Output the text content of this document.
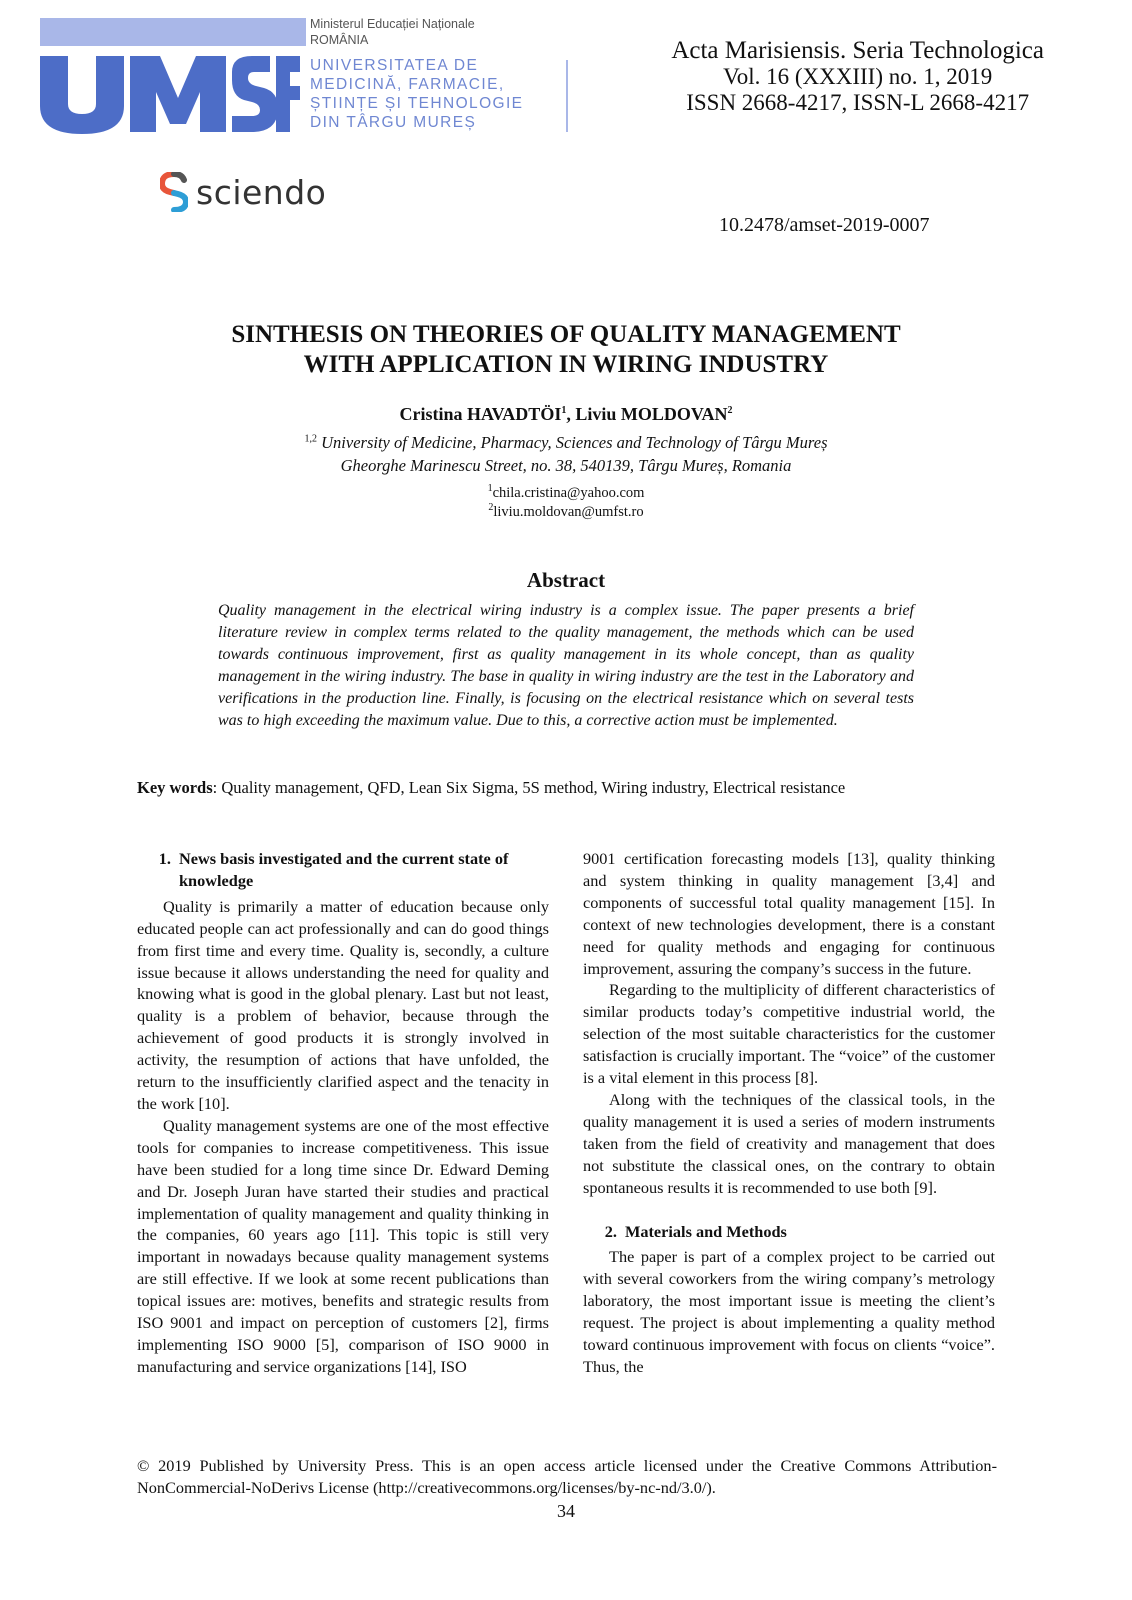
Ministerul Educației Naționale
ROMÂNIA
UNIVERSITATEA DE
MEDICINĂ, FARMACIE,
ȘTIINȚE ȘI TEHNOLOGIE
DIN TÂRGU MUREȘ
sciendo
Acta Marisiensis. Seria Technologica
Vol. 16 (XXXIII) no. 1, 2019
ISSN 2668-4217, ISSN-L 2668-4217
10.2478/amset-2019-0007
SINTHESIS ON THEORIES OF QUALITY MANAGEMENT
WITH APPLICATION IN WIRING INDUSTRY
Cristina HAVADTÖI$^1$, Liviu MOLDOVAN$^2$
$^{1,2}$ University of Medicine, Pharmacy, Sciences and Technology of Târgu Mureș
Gheorghe Marinescu Street, no. 38, 540139, Târgu Mureș, Romania
$^1$chila.cristina@yahoo.com
$^2$liviu.moldovan@umfst.ro
Abstract
Quality management in the electrical wiring industry is a complex issue. The paper presents a brief literature review in complex terms related to the quality management, the methods which can be used towards continuous improvement, first as quality management in its whole concept, than as quality management in the wiring industry. The base in quality in wiring industry are the test in the Laboratory and verifications in the production line. Finally, is focusing on the electrical resistance which on several tests was to high exceeding the maximum value. Due to this, a corrective action must be implemented.
Key words: Quality management, QFD, Lean Six Sigma, 5S method, Wiring industry, Electrical resistance
1. News basis investigated and the current state of knowledge

Quality is primarily a matter of education because only educated people can act professionally and can do good things from first time and every time. Quality is, secondly, a culture issue because it allows understanding the need for quality and knowing what is good in the global plenary. Last but not least, quality is a problem of behavior, because through the achievement of good products it is strongly involved in activity, the resumption of actions that have unfolded, the return to the insufficiently clarified aspect and the tenacity in the work [10].

Quality management systems are one of the most effective tools for companies to increase competitiveness. This issue have been studied for a long time since Dr. Edward Deming and Dr. Joseph Juran have started their studies and practical implementation of quality management and quality thinking in the companies, 60 years ago [11]. This topic is still very important in nowadays because quality management systems are still effective. If we look at some recent publications than topical issues are: motives, benefits and strategic results from ISO 9001 and impact on perception of customers [2], firms implementing ISO 9000 [5], comparison of ISO 9000 in manufacturing and service organizations [14], ISO

9001 certification forecasting models [13], quality thinking and system thinking in quality management [3,4] and components of successful total quality management [15]. In context of new technologies development, there is a constant need for quality methods and engaging for continuous improvement, assuring the company’s success in the future.

Regarding to the multiplicity of different characteristics of similar products today’s competitive industrial world, the selection of the most suitable characteristics for the customer satisfaction is crucially important. The “voice” of the customer is a vital element in this process [8].

Along with the techniques of the classical tools, in the quality management it is used a series of modern instruments taken from the field of creativity and management that does not substitute the classical ones, on the contrary to obtain spontaneous results it is recommended to use both [9].

2. Materials and Methods

The paper is part of a complex project to be carried out with several coworkers from the wiring company’s metrology laboratory, the most important issue is meeting the client’s request. The project is about implementing a quality method toward continuous improvement with focus on clients “voice”. Thus, the

© 2019 Published by University Press. This is an open access article licensed under the Creative Commons Attribution-NonCommercial-NoDerivs License (http://creativecommons.org/licenses/by-nc-nd/3.0/).
34
